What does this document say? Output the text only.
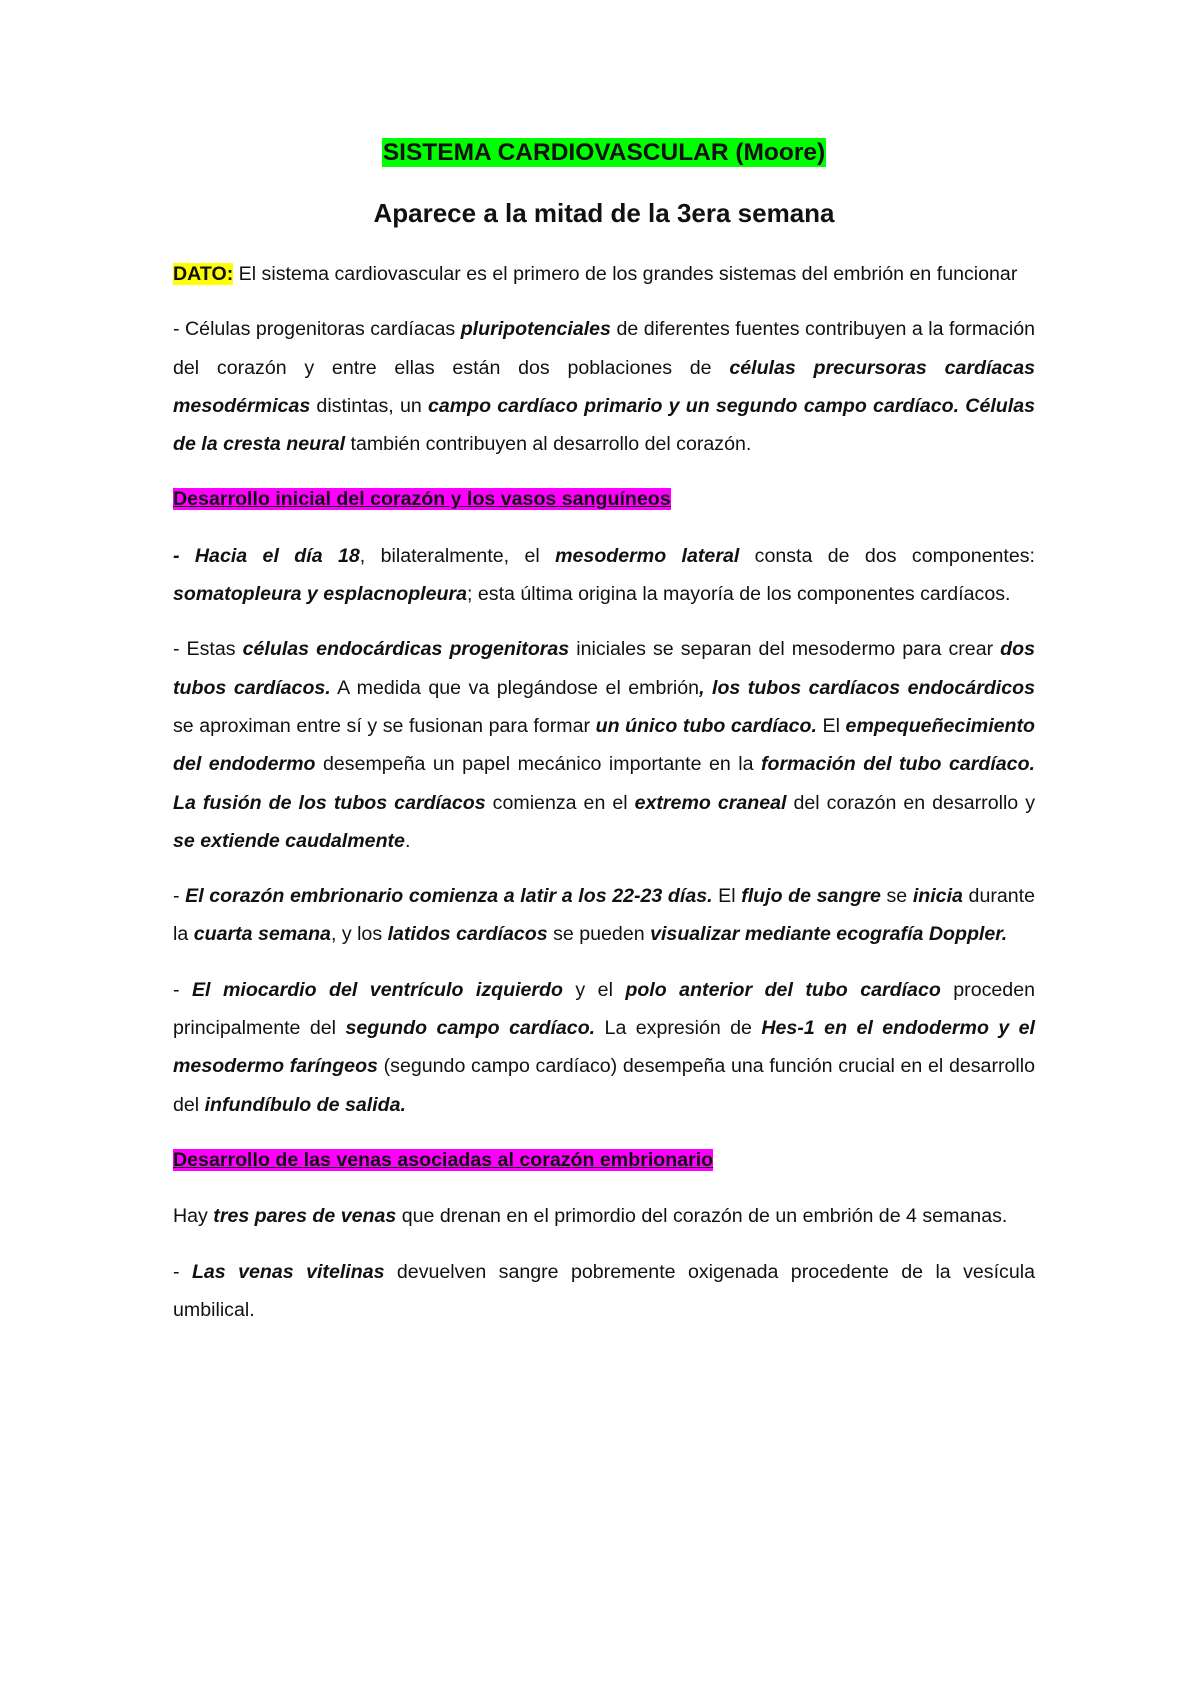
SISTEMA CARDIOVASCULAR (Moore)
Aparece a la mitad de la 3era semana

DATO: El sistema cardiovascular es el primero de los grandes sistemas del embrión en funcionar

- Células progenitoras cardíacas pluripotenciales de diferentes fuentes contribuyen a la formación del corazón y entre ellas están dos poblaciones de células precursoras cardíacas mesodérmicas distintas, un campo cardíaco primario y un segundo campo cardíaco. Células de la cresta neural también contribuyen al desarrollo del corazón.

Desarrollo inicial del corazón y los vasos sanguíneos

- Hacia el día 18, bilateralmente, el mesodermo lateral consta de dos componentes: somatopleura y esplacnopleura; esta última origina la mayoría de los componentes cardíacos.

- Estas células endocárdicas progenitoras iniciales se separan del mesodermo para crear dos tubos cardíacos. A medida que va plegándose el embrión, los tubos cardíacos endocárdicos se aproximan entre sí y se fusionan para formar un único tubo cardíaco. El empequeñecimiento del endodermo desempeña un papel mecánico importante en la formación del tubo cardíaco. La fusión de los tubos cardíacos comienza en el extremo craneal del corazón en desarrollo y se extiende caudalmente.

- El corazón embrionario comienza a latir a los 22-23 días. El flujo de sangre se inicia durante la cuarta semana, y los latidos cardíacos se pueden visualizar mediante ecografía Doppler.

- El miocardio del ventrículo izquierdo y el polo anterior del tubo cardíaco proceden principalmente del segundo campo cardíaco. La expresión de Hes-1 en el endodermo y el mesodermo faríngeos (segundo campo cardíaco) desempeña una función crucial en el desarrollo del infundíbulo de salida.

Desarrollo de las venas asociadas al corazón embrionario

Hay tres pares de venas que drenan en el primordio del corazón de un embrión de 4 semanas.

- Las venas vitelinas devuelven sangre pobremente oxigenada procedente de la vesícula umbilical.
